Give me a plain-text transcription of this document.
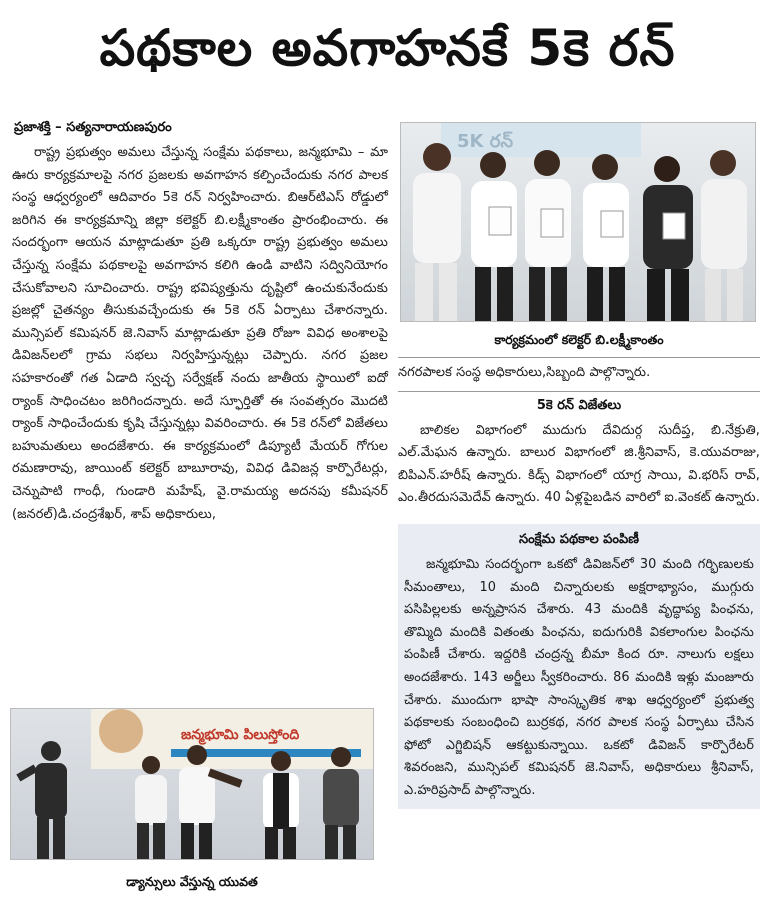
పథకాల అవగాహనకే 5కె రన్
ప్రజాశక్తి – సత్యనారాయణపురం
రాష్ట్ర ప్రభుత్వం అమలు చేస్తున్న సంక్షేమ పథకాలు, జన్మభూమి – మా ఊరు కార్యక్రమాలపై నగర ప్రజలకు అవగాహన కల్పించేందుకు నగర పాలక సంస్థ ఆధ్వర్యంలో ఆదివారం 5కె రన్ నిర్వహించారు. బిఆర్‌టిఎస్ రోడ్డులో జరిగిన ఈ కార్యక్రమాన్ని జిల్లా కలెక్టర్ బి.లక్ష్మీకాంతం ప్రారంభించారు. ఈ సందర్భంగా ఆయన మాట్లాడుతూ ప్రతి ఒక్కరూ రాష్ట్ర ప్రభుత్వం అమలు చేస్తున్న సంక్షేమ పథకాలపై అవగాహన కలిగి ఉండి వాటిని సద్వినియోగం చేసుకోవాలని సూచించారు. రాష్ట్ర భవిష్యత్తును దృష్టిలో ఉంచుకునేందుకు ప్రజల్లో చైతన్యం తీసుకువచ్చేందుకు ఈ 5కె రన్ ఏర్పాటు చేశారన్నారు. మున్సిపల్ కమిషనర్ జె.నివాస్ మాట్లాడుతూ ప్రతి రోజూ వివిధ అంశాలపై డివిజన్‌లలో గ్రామ సభలు నిర్వహిస్తున్నట్లు చెప్పారు. నగర ప్రజల సహకారంతో గత ఏడాది స్వచ్ఛ సర్వేక్షణ్ నందు జాతీయ స్థాయిలో ఐదో ర్యాంక్ సాధించటం జరిగిందన్నారు. అదే స్ఫూర్తితో ఈ సంవత్సరం మొదటి ర్యాంక్ సాధించేందుకు కృషి చేస్తున్నట్లు వివరించారు. ఈ 5కె రన్‌లో విజేతలు బహుమతులు అందజేశారు. ఈ కార్యక్రమంలో డిప్యూటీ మేయర్ గోగుల రమణారావు, జాయింట్ కలెక్టర్ బాబూరావు, వివిధ డివిజన్ల కార్పొరేటర్లు, చెన్నుపాటి గాంధీ, గుండారి మహేష్, వై.రామయ్య అదనపు కమీషనర్ (జనరల్)డి.చంద్రశేఖర్, శాప్ అధికారులు,
జన్మభూమి పిలుస్తోంది
డ్యాన్సులు వేస్తున్న యువత
5K రన్
కార్యక్రమంలో కలెక్టర్ బి.లక్ష్మీకాంతం
నగరపాలక సంస్థ అధికారులు,సిబ్బంది పాల్గొన్నారు.
5కె రన్ విజేతలు
బాలికల విభాగంలో ముదుగు దేవిదుర్గ సుదీప్త, బి.నేక్రుతి, ఎల్.మేఘన ఉన్నారు. బాలుర విభాగంలో జి.శ్రీనివాస్, కె.యువరాజు, బిపిఎన్.హరీష్ ఉన్నారు. కిడ్స్ విభాగంలో యాగ్ర సాయి, వి.భరిస్ రావ్, ఎం.తీరదుసమెదేవ్ ఉన్నారు. 40 ఏళ్లపైబడిన వారిలో ఐ.వెంకట్ ఉన్నారు.
సంక్షేమ పథకాల పంపిణీ
జన్మభూమి సందర్భంగా ఒకటో డివిజన్‌లో 30 మంది గర్భిణులకు సీమంతాలు, 10 మంది చిన్నారులకు అక్షరాభ్యాసం, ముగ్గురు పసిపిల్లలకు అన్నప్రాసన చేశారు. 43 మందికి వృద్ధాప్య పింఛను, తొమ్మిది మందికి వితంతు పింఛను, ఐదుగురికి వికలాంగుల పింఛను పంపిణీ చేశారు. ఇద్దరికి చంద్రన్న బీమా కింద రూ. నాలుగు లక్షలు అందజేశారు. 143 అర్జీలు స్వీకరించారు. 86 మందికి ఇళ్లు మంజూరు చేశారు. ముందుగా భాషా సాంస్కృతిక శాఖ ఆధ్వర్యంలో ప్రభుత్వ పథకాలకు సంబంధించి బుర్రకథ, నగర పాలక సంస్థ ఏర్పాటు చేసిన ఫోటో ఎగ్జిబిషన్ ఆకట్టుకున్నాయి. ఒకటో డివిజన్ కార్పొరేటర్ శివరంజని, మున్సిపల్ కమిషనర్ జె.నివాస్, అధికారులు శ్రీనివాస్, ఎ.హరిప్రసాద్ పాల్గొన్నారు.
